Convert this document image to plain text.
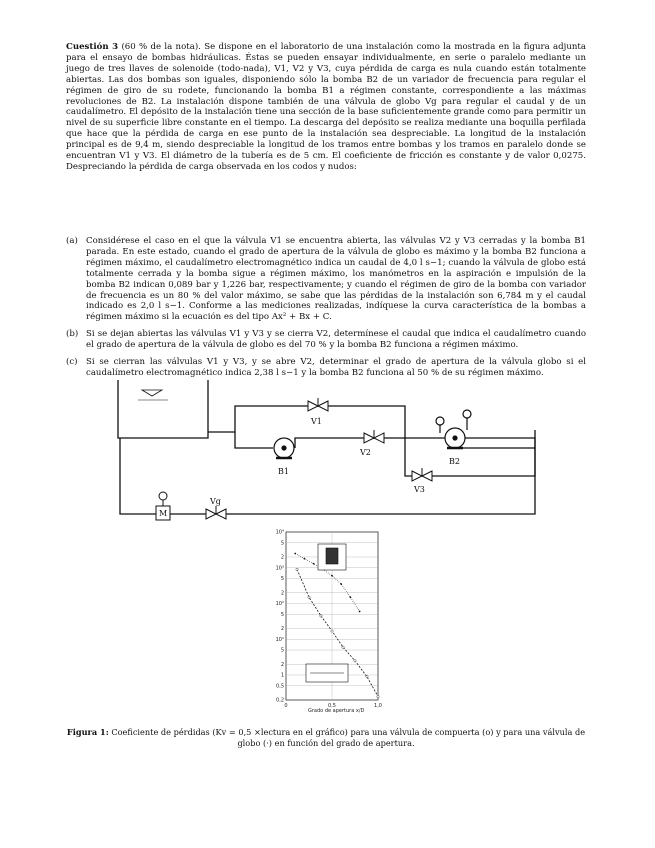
Cuestión 3 (60 % de la nota). Se dispone en el laboratorio de una instalación como la mostrada en la figura adjunta para el ensayo de bombas hidráulicas. Éstas se pueden ensayar individualmente, en serie o paralelo mediante un juego de tres llaves de solenoide (todo-nada), V1, V2 y V3, cuya pérdida de carga es nula cuando están totalmente abiertas. Las dos bombas son iguales, disponiendo sólo la bomba B2 de un variador de frecuencia para regular el régimen de giro de su rodete, funcionando la bomba B1 a régimen constante, correspondiente a las máximas revoluciones de B2. La instalación dispone también de una válvula de globo Vg para regular el caudal y de un caudalímetro. El depósito de la instalación tiene una sección de la base suficientemente grande como para permitir un nivel de su superficie libre constante en el tiempo. La descarga del depósito se realiza mediante una boquilla perfilada que hace que la pérdida de carga en ese punto de la instalación sea despreciable. La longitud de la instalación principal es de 9,4 m, siendo despreciable la longitud de los tramos entre bombas y los tramos en paralelo donde se encuentran V1 y V3. El diámetro de la tubería es de 5 cm. El coeficiente de fricción es constante y de valor 0,0275. Despreciando la pérdida de carga observada en los codos y nudos:
(a) Considérese el caso en el que la válvula V1 se encuentra abierta, las válvulas V2 y V3 cerradas y la bomba B1 parada. En este estado, cuando el grado de apertura de la válvula de globo es máximo y la bomba B2 funciona a régimen máximo, el caudalímetro electromagnético indica un caudal de 4,0 l s−1; cuando la válvula de globo está totalmente cerrada y la bomba sigue a régimen máximo, los manómetros en la aspiración e impulsión de la bomba B2 indican 0,089 bar y 1,226 bar, respectivamente; y cuando el régimen de giro de la bomba con variador de frecuencia es un 80 % del valor máximo, se sabe que las pérdidas de la instalación son 6,784 m y el caudal indicado es 2,0 l s−1. Conforme a las mediciones realizadas, indíquese la curva característica de la bombas a régimen máximo si la ecuación es del tipo Ax² + Bx + C.
(b) Si se dejan abiertas las válvulas V1 y V3 y se cierra V2, determínese el caudal que indica el caudalímetro cuando el grado de apertura de la válvula de globo es del 70 % y la bomba B2 funciona a régimen máximo.
(c) Si se cierran las válvulas V1 y V3, y se abre V2, determinar el grado de apertura de la válvula globo si el caudalímetro electromagnético indica 2,38 l s−1 y la bomba B2 funciona al 50 % de su régimen máximo.
V1
B1
V2
B2
V3
M
Vg
10⁴
5
2
10³
5
2
10²
5
2
10¹
5
2
1
0,5
0,2
0	0,5	1,0
Grado de apertura x/D
Figura 1: Coeficiente de pérdidas (Kv = 0,5 ×lectura en el gráfico) para una válvula de compuerta (o) y para una válvula de globo (·) en función del grado de apertura.
